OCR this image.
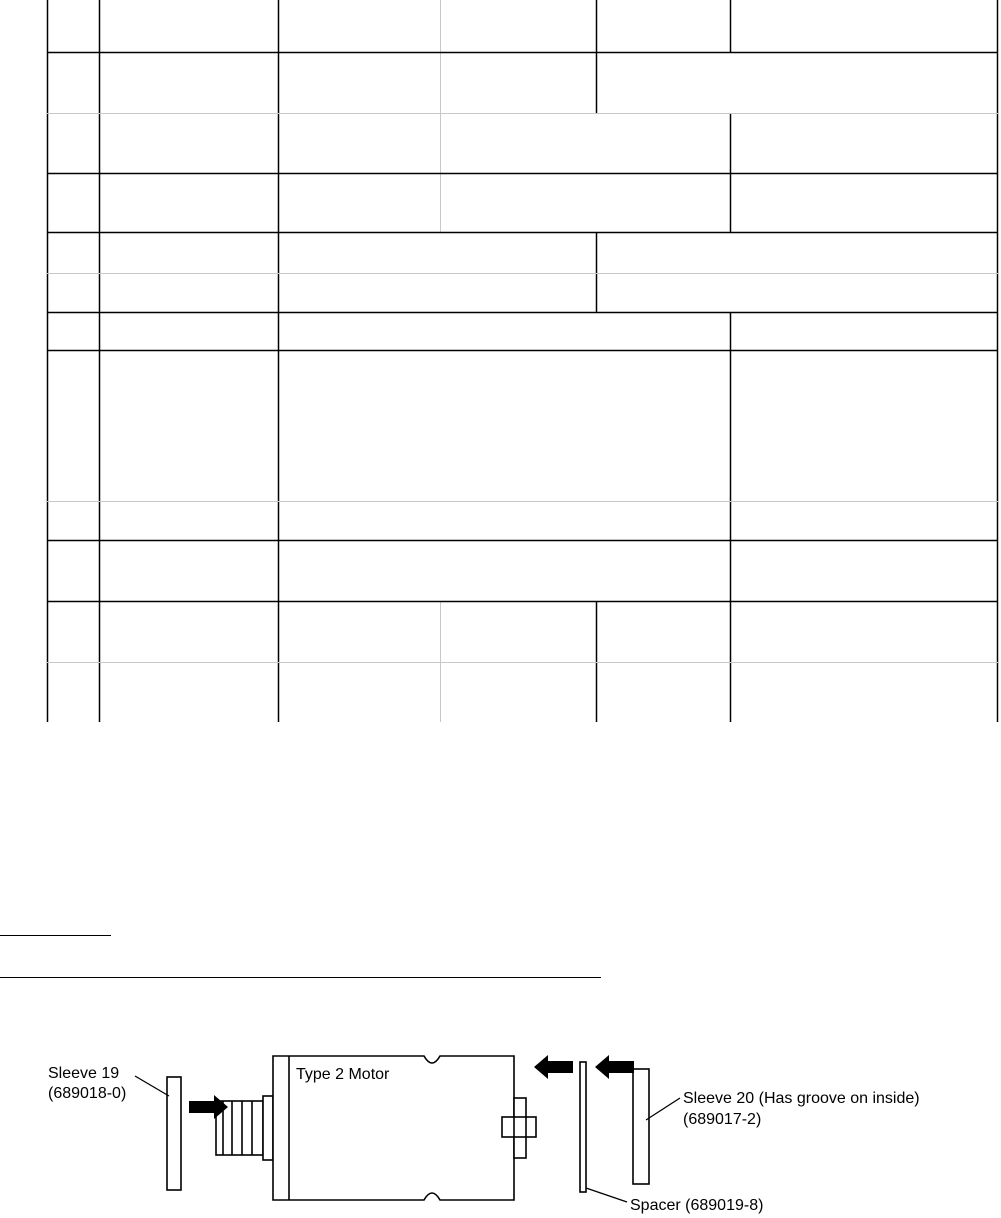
Type 2 Motor
Sleeve 19
(689018-0)	Sleeve 20 (Has groove on inside)
(689017-2)
Spacer (689019-8)
